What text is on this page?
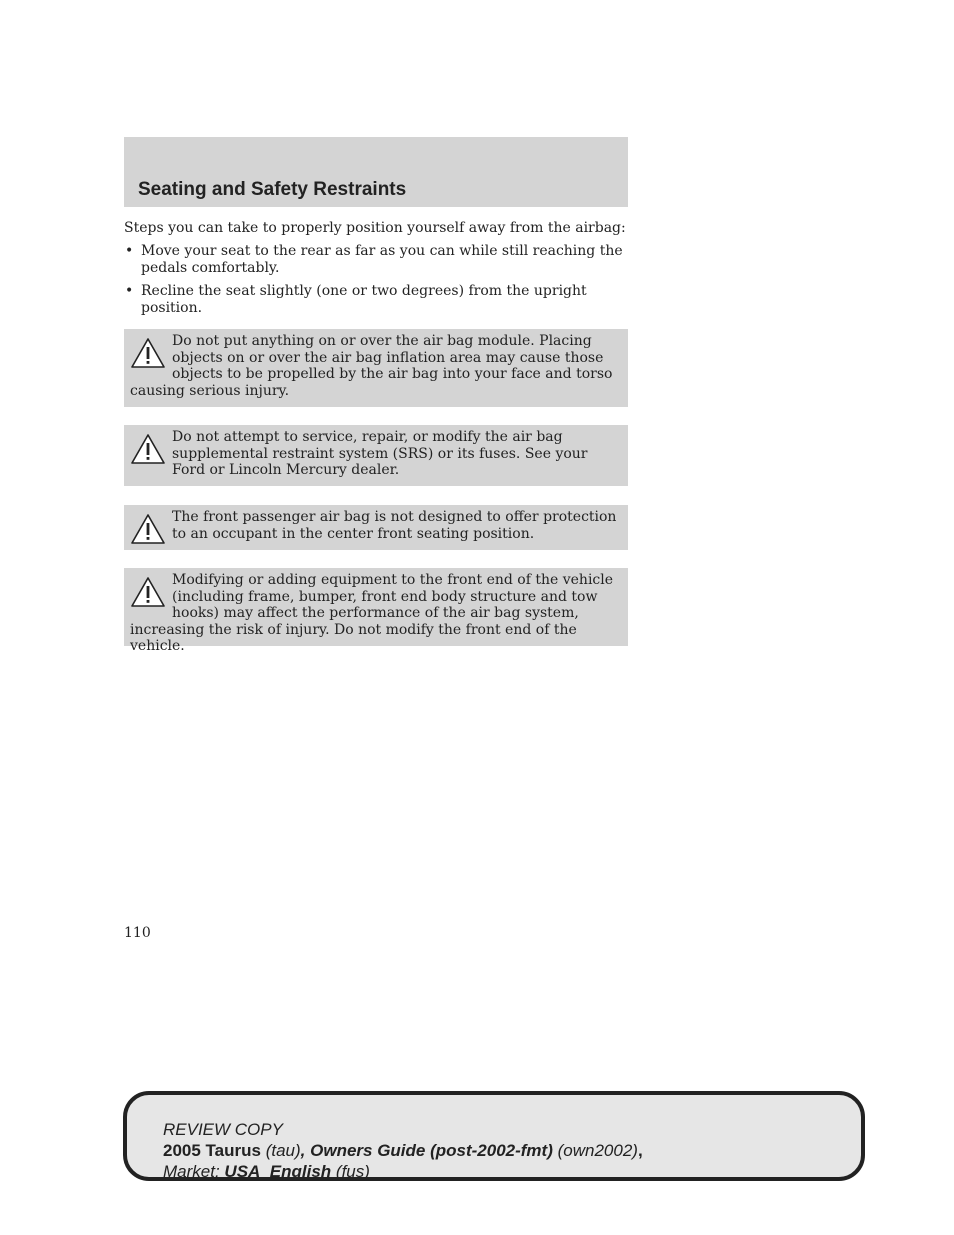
Seating and Safety Restraints

Steps you can take to properly position yourself away from the airbag:

• Move your seat to the rear as far as you can while still reaching the pedals comfortably.
• Recline the seat slightly (one or two degrees) from the upright position.

Do not put anything on or over the air bag module. Placing objects on or over the air bag inflation area may cause those objects to be propelled by the air bag into your face and torso causing serious injury.

Do not attempt to service, repair, or modify the air bag supplemental restraint system (SRS) or its fuses. See your Ford or Lincoln Mercury dealer.

The front passenger air bag is not designed to offer protection to an occupant in the center front seating position.

Modifying or adding equipment to the front end of the vehicle (including frame, bumper, front end body structure and tow hooks) may affect the performance of the air bag system, increasing the risk of injury. Do not modify the front end of the vehicle.

110
REVIEW COPY
2005 Taurus (tau), Owners Guide (post-2002-fmt) (own2002),
Market: USA_English (fus)
